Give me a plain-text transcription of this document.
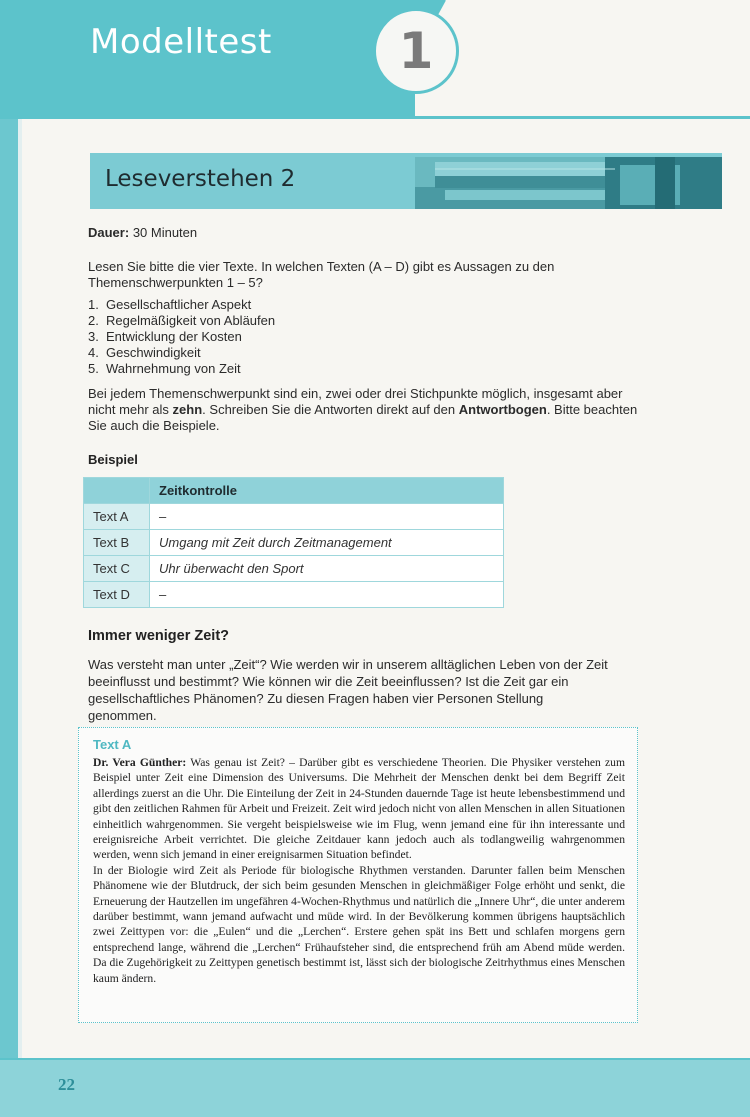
Modelltest	1
Leseverstehen 2
Dauer: 30 Minuten
Lesen Sie bitte die vier Texte. In welchen Texten (A – D) gibt es Aussagen zu den Themenschwerpunkten 1 – 5?
1. Gesellschaftlicher Aspekt
2. Regelmäßigkeit von Abläufen
3. Entwicklung der Kosten
4. Geschwindigkeit
5. Wahrnehmung von Zeit
Bei jedem Themenschwerpunkt sind ein, zwei oder drei Stichpunkte möglich, insgesamt aber nicht mehr als zehn. Schreiben Sie die Antworten direkt auf den Antwortbogen. Bitte beachten Sie auch die Beispiele.
Beispiel
	Zeitkontrolle
Text A	–
Text B	Umgang mit Zeit durch Zeitmanagement
Text C	Uhr überwacht den Sport
Text D	–
Immer weniger Zeit?
Was versteht man unter „Zeit“? Wie werden wir in unserem alltäglichen Leben von der Zeit beeinflusst und bestimmt? Wie können wir die Zeit beeinflussen? Ist die Zeit gar ein gesellschaftliches Phänomen? Zu diesen Fragen haben vier Personen Stellung genommen.
Text A

Dr. Vera Günther: Was genau ist Zeit? – Darüber gibt es verschiedene Theorien. Die Physiker verstehen zum Beispiel unter Zeit eine Dimension des Universums. Die Mehrheit der Menschen denkt bei dem Begriff Zeit allerdings zuerst an die Uhr. Die Einteilung der Zeit in 24-Stunden dauernde Tage ist heute lebensbestimmend und gibt den zeitlichen Rahmen für Arbeit und Freizeit. Zeit wird jedoch nicht von allen Menschen in allen Situationen einheitlich wahrgenommen. Sie vergeht beispielsweise wie im Flug, wenn jemand eine für ihn interessante und ereignisreiche Arbeit verrichtet. Die gleiche Zeitdauer kann jedoch auch als todlangweilig wahrgenommen werden, wenn sich jemand in einer ereignisarmen Situation befindet.

In der Biologie wird Zeit als Periode für biologische Rhythmen verstanden. Darunter fallen beim Menschen Phänomene wie der Blutdruck, der sich beim gesunden Menschen in gleichmäßiger Folge erhöht und senkt, die Erneuerung der Hautzellen im ungefähren 4-Wochen-Rhythmus und natürlich die „Innere Uhr“, die unter anderem darüber bestimmt, wann jemand aufwacht und müde wird. In der Bevölkerung kommen übrigens hauptsächlich zwei Zeittypen vor: die „Eulen“ und die „Lerchen“. Erstere gehen spät ins Bett und schlafen morgens gern entsprechend lange, während die „Lerchen“ Frühaufsteher sind, die entsprechend früh am Abend müde werden. Da die Zugehörigkeit zu Zeittypen genetisch bestimmt ist, lässt sich der biologische Zeitrhythmus eines Menschen kaum ändern.

22
